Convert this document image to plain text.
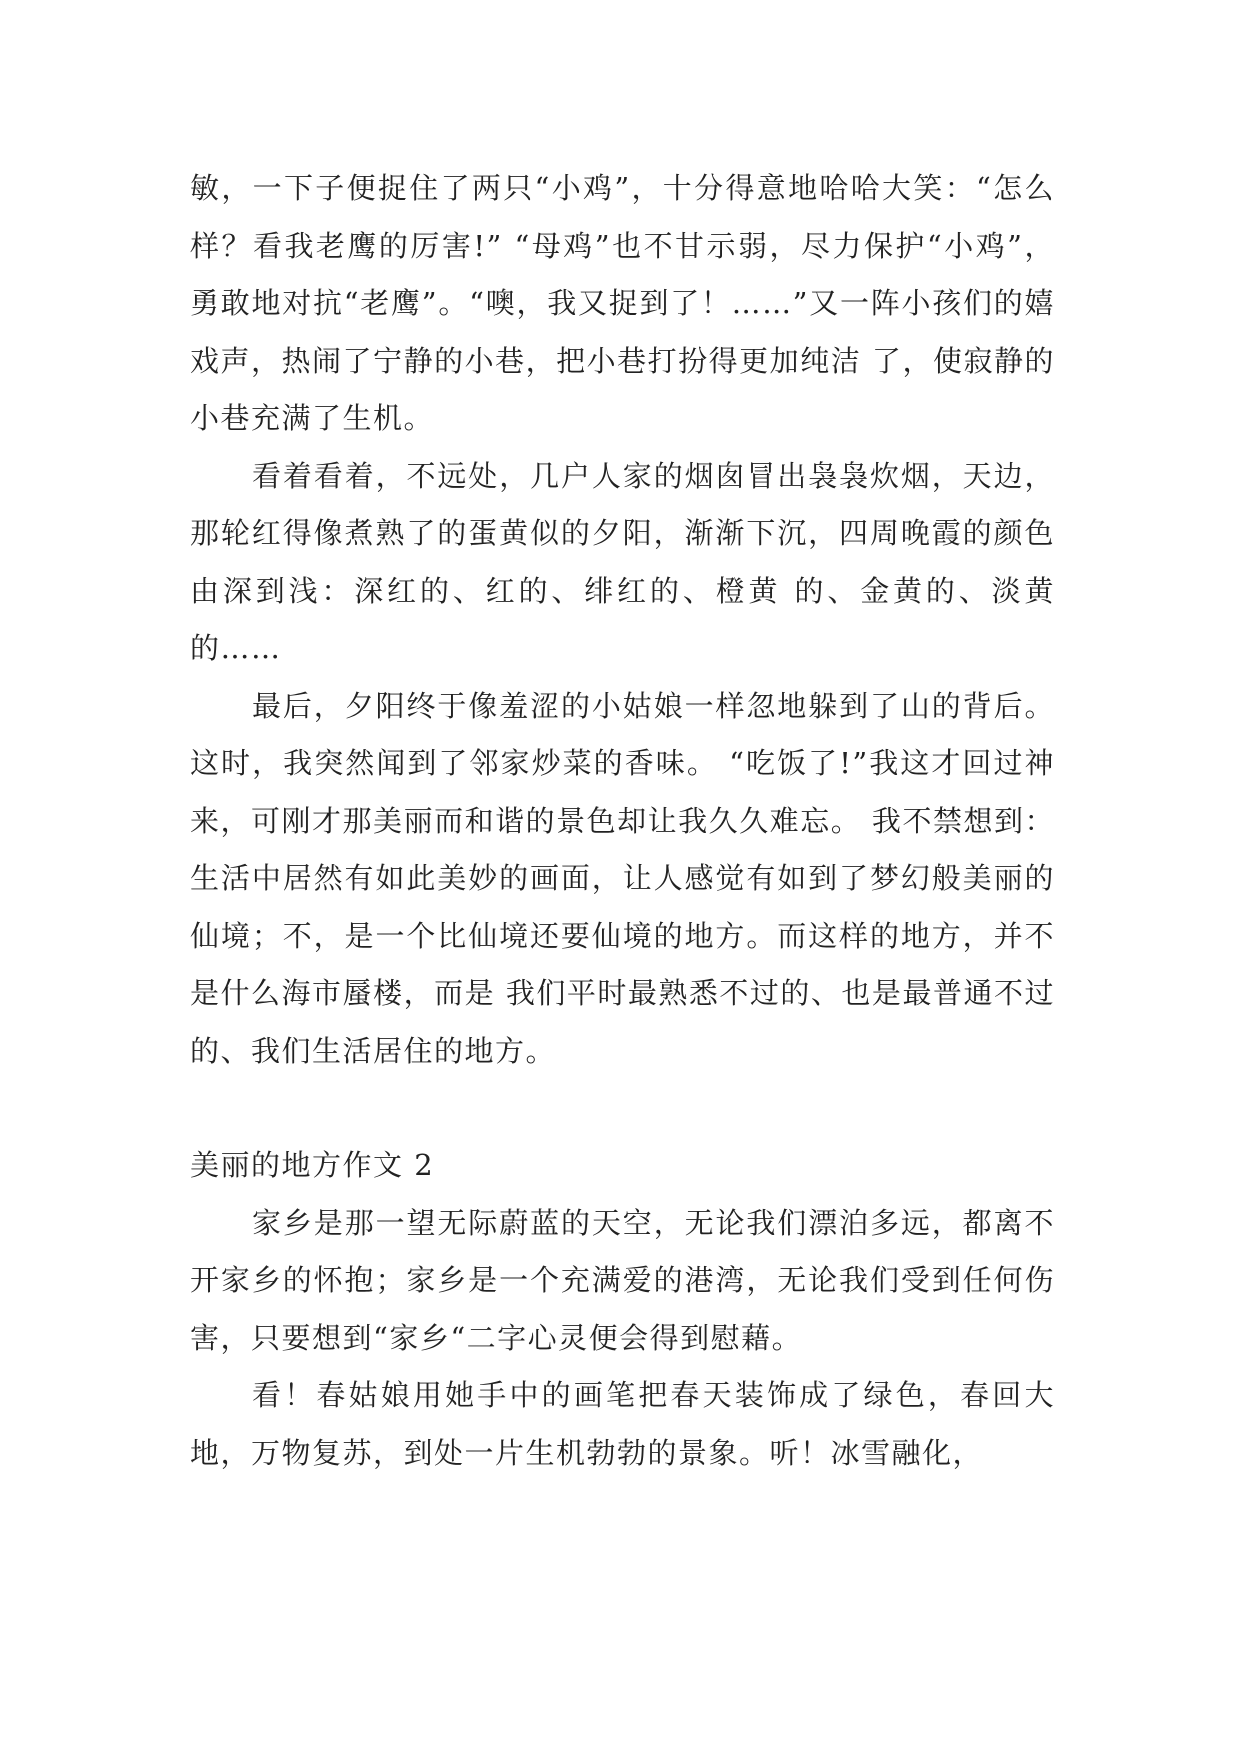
敏，一下子便捉住了两只“小鸡”，十分得意地哈哈大笑：“怎么样？看我老鹰的厉害!” “母鸡”也不甘示弱，尽力保护“小鸡”，勇敢地对抗“老鹰”。“噢，我又捉到了！……”又一阵小孩们的嬉戏声，热闹了宁静的小巷，把小巷打扮得更加纯洁 了，使寂静的小巷充满了生机。

看着看着，不远处，几户人家的烟囱冒出袅袅炊烟，天边，那轮红得像煮熟了的蛋黄似的夕阳，渐渐下沉，四周晚霞的颜色由深到浅：深红的、红的、绯红的、橙黄 的、金黄的、淡黄的……

最后，夕阳终于像羞涩的小姑娘一样忽地躲到了山的背后。 这时，我突然闻到了邻家炒菜的香味。 “吃饭了!”我这才回过神来，可刚才那美丽而和谐的景色却让我久久难忘。 我不禁想到：生活中居然有如此美妙的画面，让人感觉有如到了梦幻般美丽的仙境；不，是一个比仙境还要仙境的地方。而这样的地方，并不是什么海市蜃楼，而是 我们平时最熟悉不过的、也是最普通不过的、我们生活居住的地方。

美丽的地方作文 2

家乡是那一望无际蔚蓝的天空，无论我们漂泊多远，都离不开家乡的怀抱；家乡是一个充满爱的港湾，无论我们受到任何伤害，只要想到“家乡“二字心灵便会得到慰藉。

看！春姑娘用她手中的画笔把春天装饰成了绿色，春回大地，万物复苏，到处一片生机勃勃的景象。听！冰雪融化，
